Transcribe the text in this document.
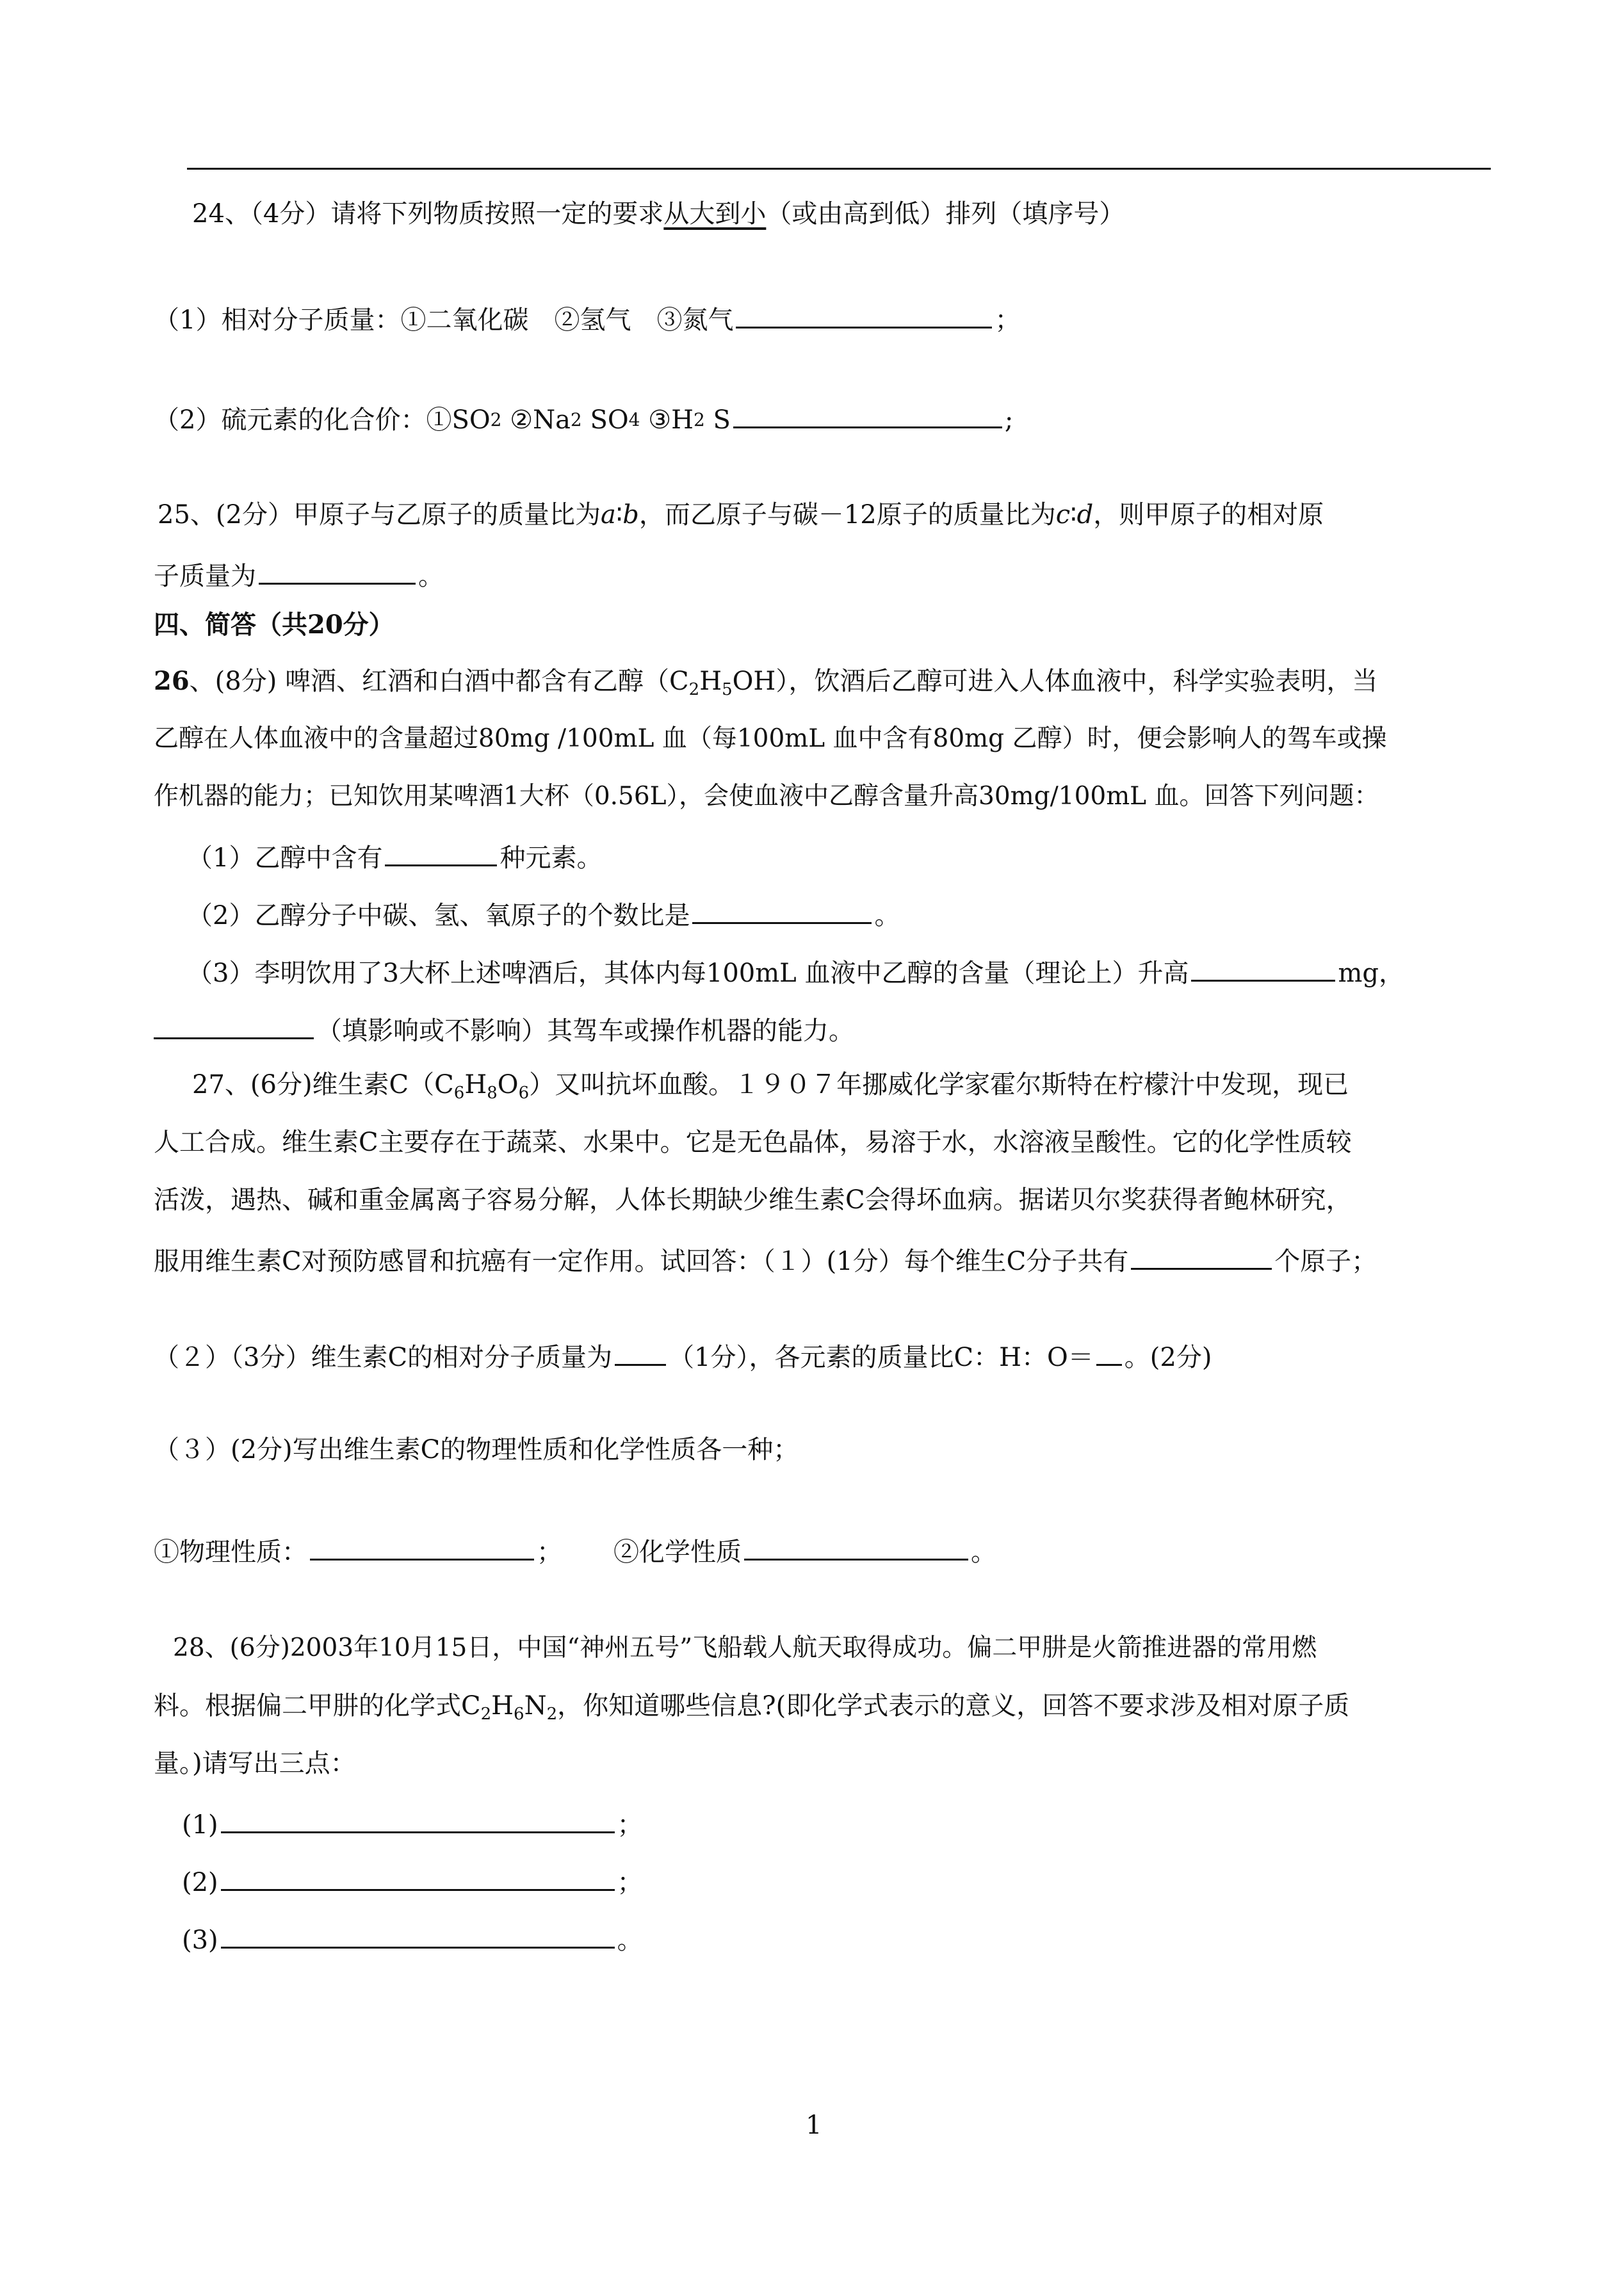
24、（4分）请将下列物质按照一定的要求从大到小（或由高到低）排列（填序号）
（1）相对分子质量：①二氧化碳　②氢气　③氮气	；
（2）硫元素的化合价：①SO2 ②Na2 SO4 ③H2 S	;
25、(2分）甲原子与乙原子的质量比为a∶b，而乙原子与碳－12原子的质量比为c∶d，则甲原子的相对原
子质量为	。
四、简答（共20分）
26、(8分) 啤酒、红酒和白酒中都含有乙醇$(C_2H_5OH)$，饮酒后乙醇可进入人体血液中，科学实验表明，当
乙醇在人体血液中的含量超过80mg /100mL 血（每100mL 血中含有80mg 乙醇）时，便会影响人的驾车或操
作机器的能力；已知饮用某啤酒1大杯（0.56L），会使血液中乙醇含量升高30mg/100mL 血。回答下列问题：
（1）乙醇中含有	种元素。
（2）乙醇分子中碳、氢、氧原子的个数比是	。
（3）李明饮用了3大杯上述啤酒后，其体内每100mL 血液中乙醇的含量（理论上）升高	mg，
（填影响或不影响）其驾车或操作机器的能力。
27、(6分)维生素$C(C_6H_8O_6)$又叫抗坏血酸。１９０７年挪威化学家霍尔斯特在柠檬汁中发现，现已
人工合成。维生素C主要存在于蔬菜、水果中。它是无色晶体，易溶于水，水溶液呈酸性。它的化学性质较
活泼，遇热、碱和重金属离子容易分解，人体长期缺少维生素C会得坏血病。据诺贝尔奖获得者鲍林研究，
服用维生素C对预防感冒和抗癌有一定作用。试回答：（１）(1分）每个维生C分子共有	个原子；
（２）（3分）维生素C的相对分子质量为 （1分），各元素的质量比C：H：O＝ 。(2分)
（３）(2分)写出维生素C的物理性质和化学性质各一种；
①物理性质：	； ②化学性质	。
28、(6分)2003年10月15日，中国“神州五号”飞船载人航天取得成功。偏二甲肼是火箭推进器的常用燃
料。根据偏二甲肼的化学式$C_2H_6N_2$，你知道哪些信息?(即化学式表示的意义，回答不要求涉及相对原子质
量。)请写出三点：
(1)	；
(2)	；
(3)	。
1
